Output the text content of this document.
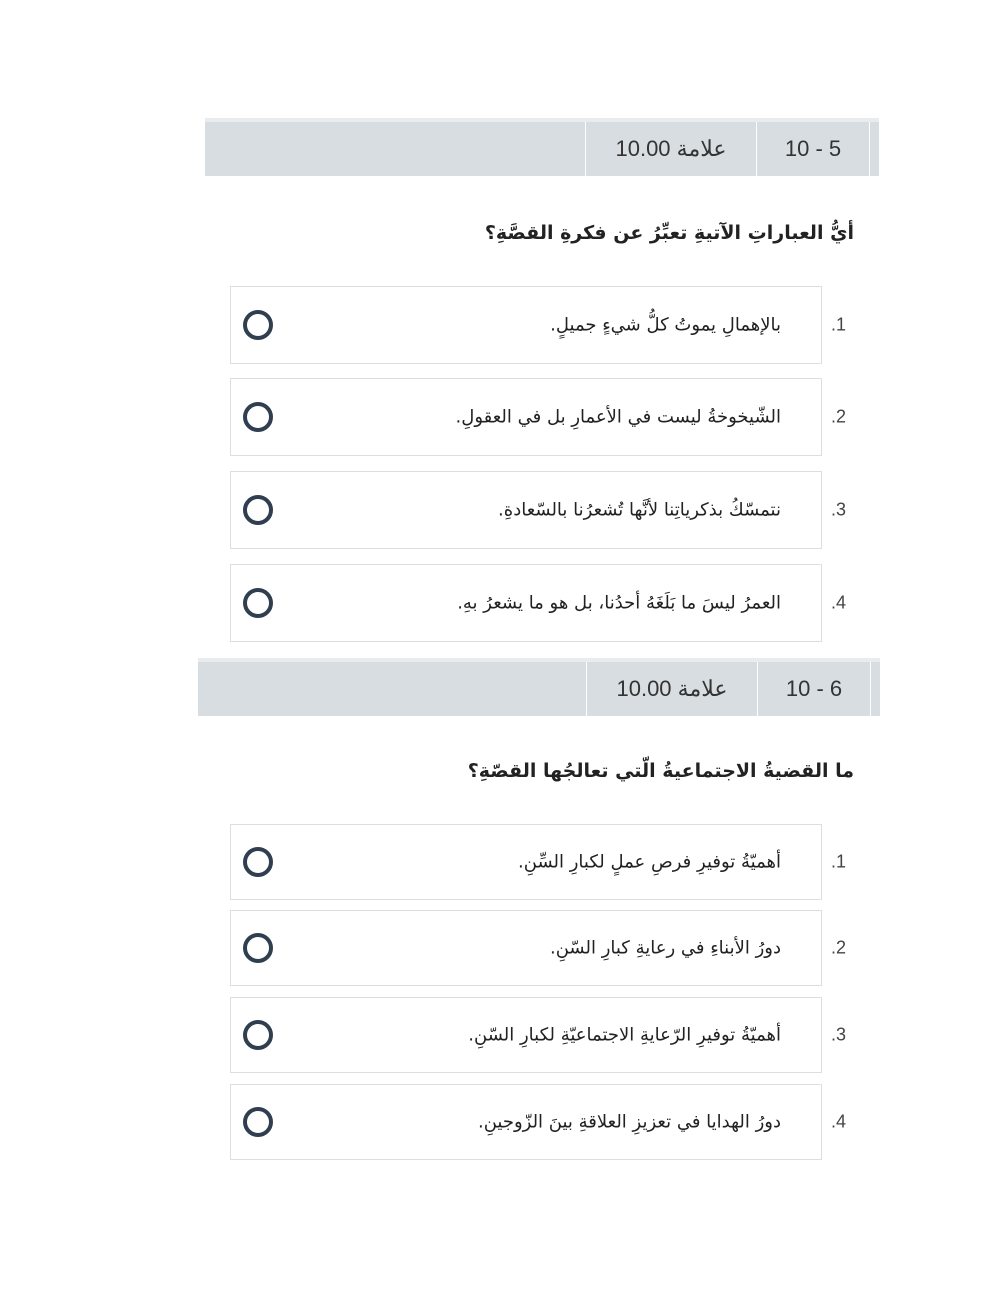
10.00 علامة	10 - 5
أيُّ العباراتِ الآتيةِ تعبِّرُ عن فكرةِ القصَّةِ؟
بالإهمالِ يموتُ كلُّ شيءٍ جميلٍ.	.1
الشّيخوخةُ ليست في الأعمارِ بل في العقولِ.	.2
نتمسّكُ بذكرياتِنا لأنَّها تُشعرُنا بالسّعادةِ.	.3
العمرُ ليسَ ما بَلَغَهُ أحدُنا، بل هو ما يشعرُ بهِ.	.4
10.00 علامة	10 - 6
ما القضيةُ الاجتماعيةُ الّتي تعالجُها القصّةِ؟
أهميّةُ توفيرِ فرصِ عملٍ لكبارِ السِّنِ.	.1
دورُ الأبناءِ في رعايةِ كبارِ السّنِ.	.2
أهميّةُ توفيرِ الرّعايةِ الاجتماعيّةِ لكبارِ السّنِ.	.3
دورُ الهدايا في تعزيزِ العلاقةِ بينَ الزّوجينِ.	.4
